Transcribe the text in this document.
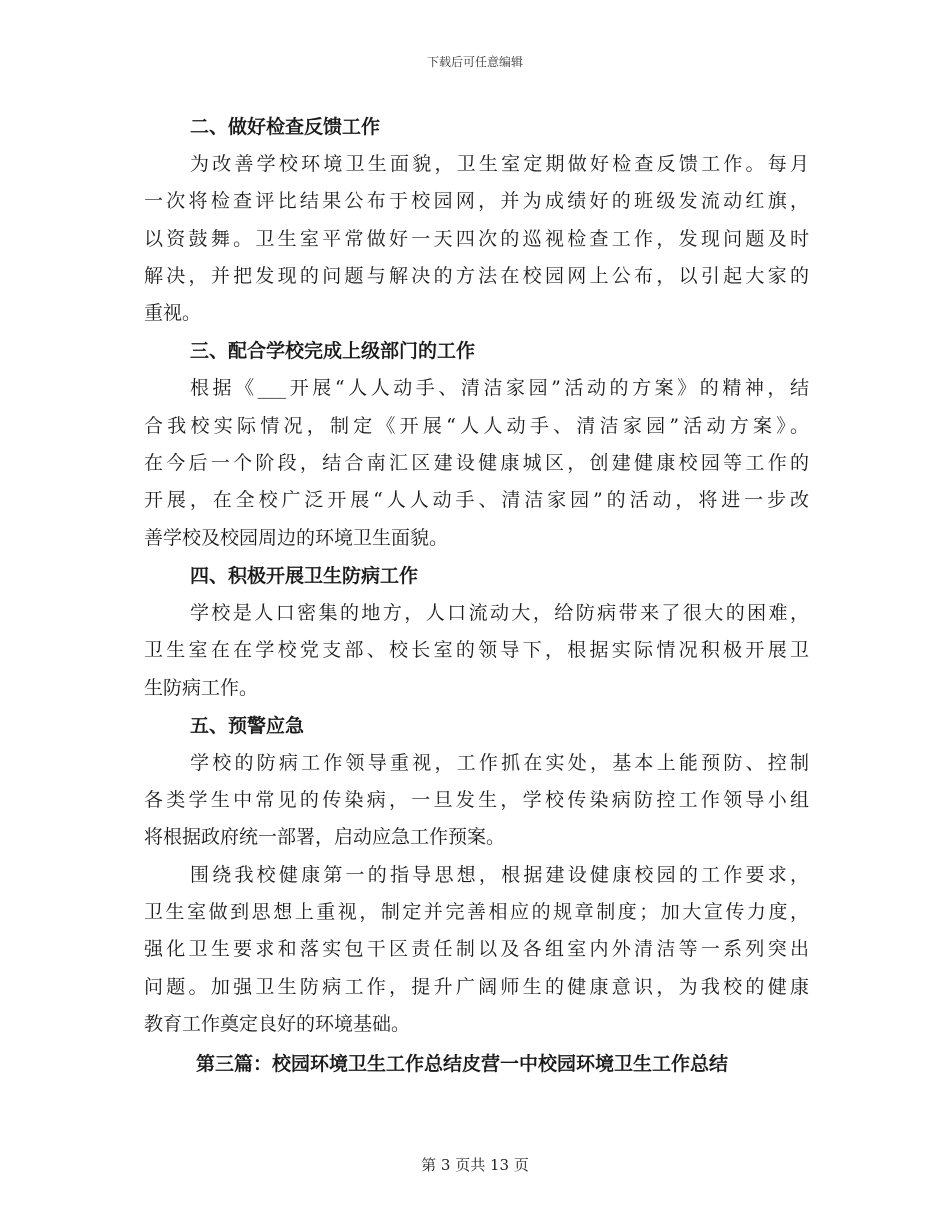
下载后可任意编辑
二、做好检查反馈工作
为改善学校环境卫生面貌，卫生室定期做好检查反馈工作。每月
一次将检查评比结果公布于校园网，并为成绩好的班级发流动红旗，
以资鼓舞。卫生室平常做好一天四次的巡视检查工作，发现问题及时
解决，并把发现的问题与解决的方法在校园网上公布，以引起大家的
重视。
三、配合学校完成上级部门的工作
根据《___开展“人人动手、清洁家园”活动的方案》的精神，结
合我校实际情况，制定《开展“人人动手、清洁家园”活动方案》。
在今后一个阶段，结合南汇区建设健康城区，创建健康校园等工作的
开展，在全校广泛开展“人人动手、清洁家园”的活动，将进一步改
善学校及校园周边的环境卫生面貌。
四、积极开展卫生防病工作
学校是人口密集的地方，人口流动大，给防病带来了很大的困难，
卫生室在在学校党支部、校长室的领导下，根据实际情况积极开展卫
生防病工作。
五、预警应急
学校的防病工作领导重视，工作抓在实处，基本上能预防、控制
各类学生中常见的传染病，一旦发生，学校传染病防控工作领导小组
将根据政府统一部署，启动应急工作预案。
围绕我校健康第一的指导思想，根据建设健康校园的工作要求，
卫生室做到思想上重视，制定并完善相应的规章制度；加大宣传力度，
强化卫生要求和落实包干区责任制以及各组室内外清洁等一系列突出
问题。加强卫生防病工作，提升广阔师生的健康意识，为我校的健康
教育工作奠定良好的环境基础。
第三篇：校园环境卫生工作总结皮营一中校园环境卫生工作总结
第 3 页共 13 页
